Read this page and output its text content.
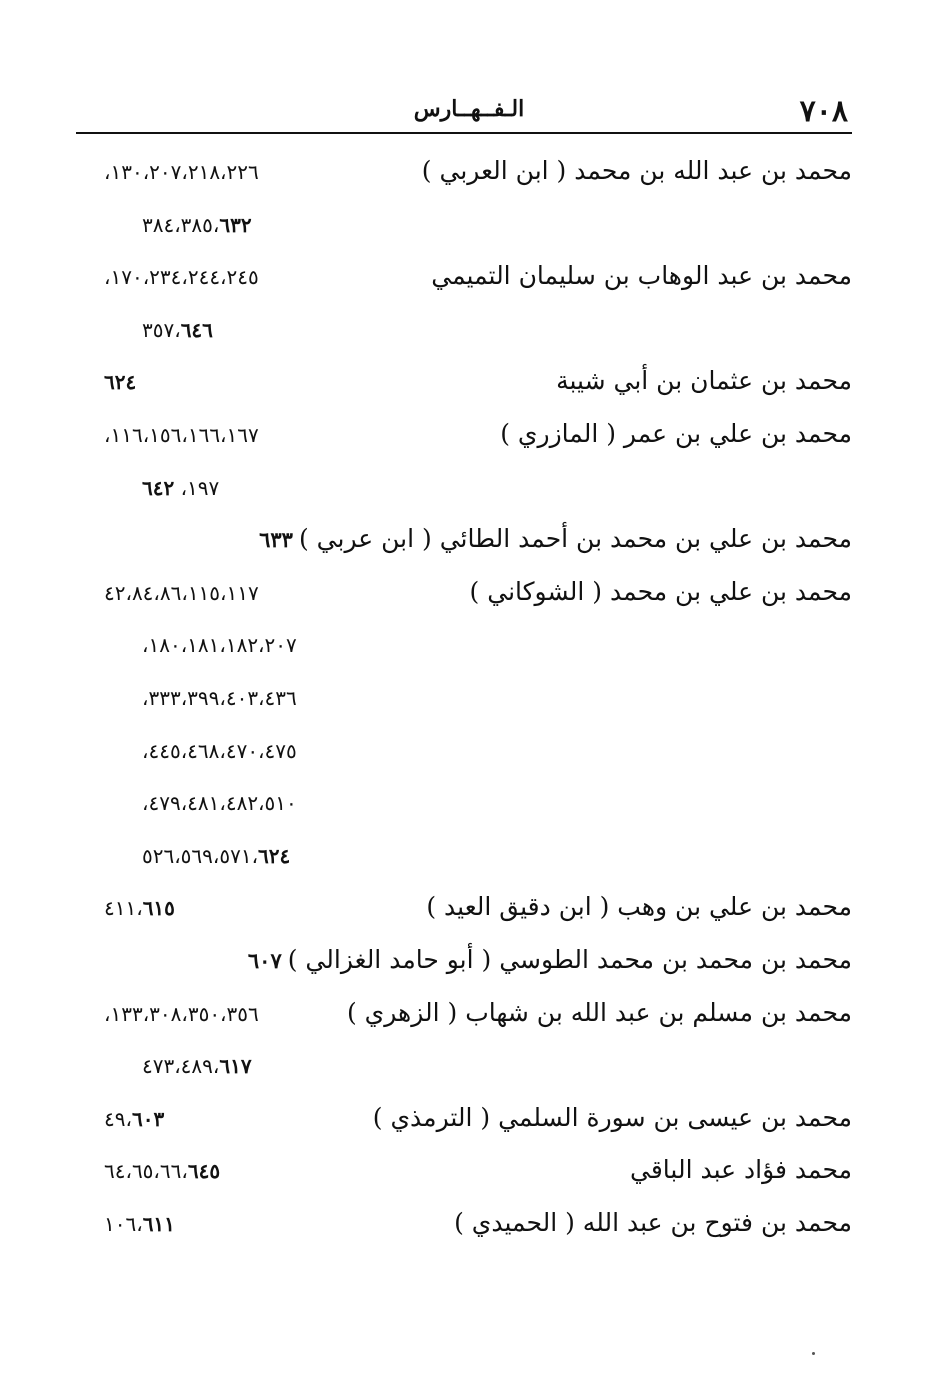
٧٠٨
الـفــهــارس
محمد بن عبد الله بن محمد ( ابن العربي )
١٣٠،٢٠٧،٢١٨،٢٢٦،
٣٨٤،٣٨٥،٦٣٢
محمد بن عبد الوهاب بن سليمان التميمي
١٧٠،٢٣٤،٢٤٤،٢٤٥،
٣٥٧،٦٤٦
محمد بن عثمان بن أبي شيبة
٦٢٤
محمد بن علي بن عمر ( المازري )
١١٦،١٥٦،١٦٦،١٦٧،
١٩٧، ٦٤٢
محمد بن علي بن محمد بن أحمد الطائي ( ابن عربي )٦٣٣
محمد بن علي بن محمد ( الشوكاني )
٤٢،٨٤،٨٦،١١٥،١١٧
١٨٠،١٨١،١٨٢،٢٠٧،
٣٣٣،٣٩٩،٤٠٣،٤٣٦،
٤٤٥،٤٦٨،٤٧٠،٤٧٥،
٤٧٩،٤٨١،٤٨٢،٥١٠،
٥٢٦،٥٦٩،٥٧١،٦٢٤
محمد بن علي بن وهب ( ابن دقيق العيد )
٤١١،٦١٥
محمد بن محمد بن محمد الطوسي ( أبو حامد الغزالي )٦٠٧
محمد بن مسلم بن عبد الله بن شهاب ( الزهري )
١٣٣،٣٠٨،٣٥٠،٣٥٦،
٤٧٣،٤٨٩،٦١٧
محمد بن عيسى بن سورة السلمي ( الترمذي )
٤٩،٦٠٣
محمد فؤاد عبد الباقي
٦٤،٦٥،٦٦،٦٤٥
محمد بن فتوح بن عبد الله ( الحميدي )
١٠٦،٦١١
